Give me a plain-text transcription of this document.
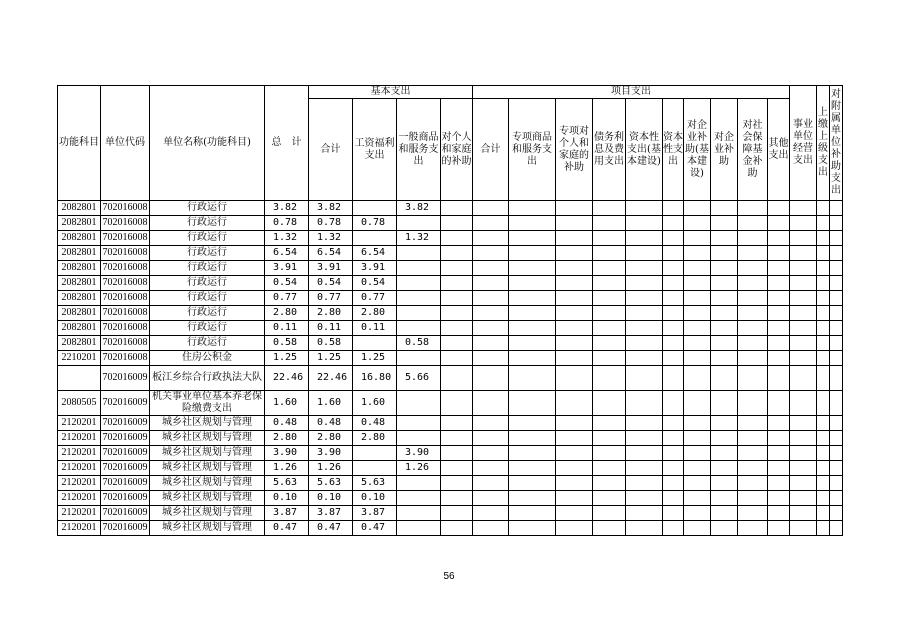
功能科目	单位代码	单位名称(功能科目)	总　计	基本支出				项目支出										事业单位经营支出	上缴上级支出	对附属单位补助支出
				合计	工资福利支出	一般商品和服务支出	对个人和家庭的补助	合计	专项商品和服务支出	专项对个人和家庭的补助	债务利息及费用支出	资本性支出(基本建设)	资本性支出	对企业补助(基本建设)	对企业补助	对社会保障基金补助	其他支出			
2082801	702016008	行政运行	3.82	3.82		3.82														
2082801	702016008	行政运行	0.78	0.78	0.78															
2082801	702016008	行政运行	1.32	1.32		1.32														
2082801	702016008	行政运行	6.54	6.54	6.54															
2082801	702016008	行政运行	3.91	3.91	3.91															
2082801	702016008	行政运行	0.54	0.54	0.54															
2082801	702016008	行政运行	0.77	0.77	0.77															
2082801	702016008	行政运行	2.80	2.80	2.80															
2082801	702016008	行政运行	0.11	0.11	0.11															
2082801	702016008	行政运行	0.58	0.58		0.58														
2210201	702016008	住房公积金	1.25	1.25	1.25															
	702016009	板江乡综合行政执法大队	22.46	22.46	16.80	5.66														
2080505	702016009	机关事业单位基本养老保险缴费支出	1.60	1.60	1.60															
2120201	702016009	城乡社区规划与管理	0.48	0.48	0.48															
2120201	702016009	城乡社区规划与管理	2.80	2.80	2.80															
2120201	702016009	城乡社区规划与管理	3.90	3.90		3.90														
2120201	702016009	城乡社区规划与管理	1.26	1.26		1.26														
2120201	702016009	城乡社区规划与管理	5.63	5.63	5.63															
2120201	702016009	城乡社区规划与管理	0.10	0.10	0.10															
2120201	702016009	城乡社区规划与管理	3.87	3.87	3.87															
2120201	702016009	城乡社区规划与管理	0.47	0.47	0.47															
56
